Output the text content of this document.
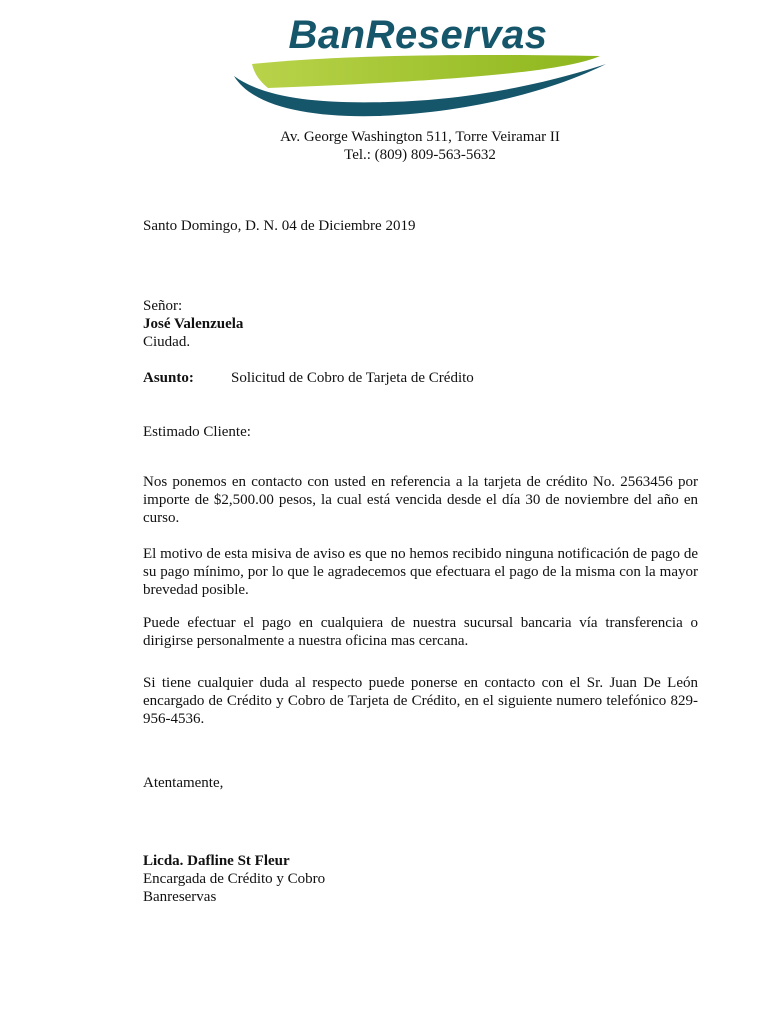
BanReservas
Av. George Washington 511, Torre Veiramar II
Tel.: (809) 809-563-5632
Santo Domingo, D. N. 04 de Diciembre 2019
Señor:
José Valenzuela
Ciudad.
Asunto: Solicitud de Cobro de Tarjeta de Crédito
Estimado Cliente:
Nos ponemos en contacto con usted en referencia a la tarjeta de crédito No. 2563456 por importe de $2,500.00 pesos, la cual está vencida desde el día 30 de noviembre del año en curso.
El motivo de esta misiva de aviso es que no hemos recibido ninguna notificación de pago de su pago mínimo, por lo que le agradecemos que efectuara el pago de la misma con la mayor brevedad posible.
Puede efectuar el pago en cualquiera de nuestra sucursal bancaria vía transferencia o dirigirse personalmente a nuestra oficina mas cercana.
Si tiene cualquier duda al respecto puede ponerse en contacto con el Sr. Juan De León encargado de Crédito y Cobro de Tarjeta de Crédito, en el siguiente numero telefónico 829-956-4536.
Atentamente,
Licda. Dafline St Fleur
Encargada de Crédito y Cobro
Banreservas
